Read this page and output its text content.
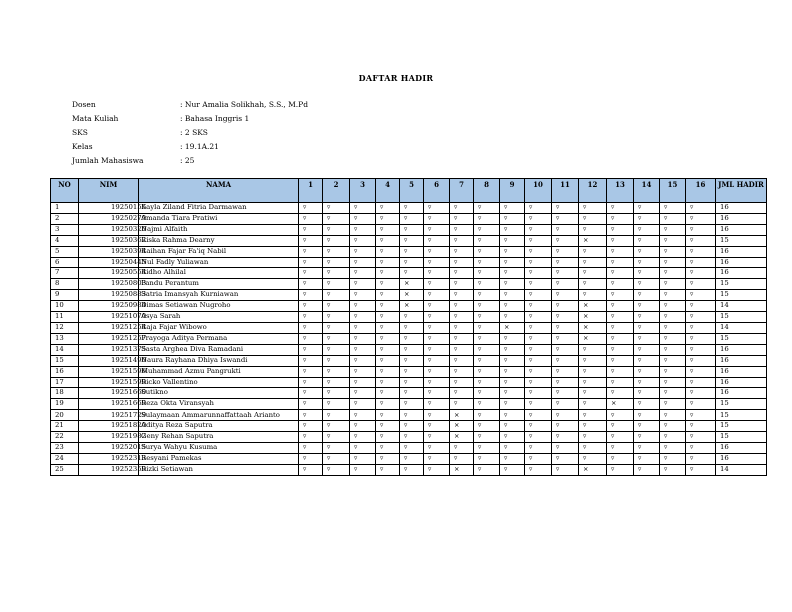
DAFTAR HADIR
Dosen	: Nur Amalia Solikhah, S.S., M.Pd
Mata Kuliah	: Bahasa Inggris 1
SKS	: 2 SKS
Kelas	: 19.1A.21
Jumlah Mahasiswa	: 25
NO	NIM	NAMA	1	2	3	4	5	6	7	8	9	10	11	12	13	14	15	16	JML HADIR
1	19250155	Kayla Ziland Fitria Darmawan	▿	▿	▿	▿	▿	▿	▿	▿	▿	▿	▿	▿	▿	▿	▿	▿	16
2	19250279	Amanda Tiara Pratiwi	▿	▿	▿	▿	▿	▿	▿	▿	▿	▿	▿	▿	▿	▿	▿	▿	16
3	19250320	Najmi Alfaith	▿	▿	▿	▿	▿	▿	▿	▿	▿	▿	▿	▿	▿	▿	▿	▿	16
4	19250362	Riska Rahma Dearny	▿	▿	▿	▿	▿	▿	▿	▿	▿	▿	▿	×	▿	▿	▿	▿	15
5	19250394	Raihan Fajar Fa'iq Nabil	▿	▿	▿	▿	▿	▿	▿	▿	▿	▿	▿	▿	▿	▿	▿	▿	16
6	19250445	Nul Fadly Yuliawan	▿	▿	▿	▿	▿	▿	▿	▿	▿	▿	▿	▿	▿	▿	▿	▿	16
7	19250554	Ridho Alhilal	▿	▿	▿	▿	▿	▿	▿	▿	▿	▿	▿	▿	▿	▿	▿	▿	16
8	19250803	Pandu Perantum	▿	▿	▿	▿	×	▿	▿	▿	▿	▿	▿	▿	▿	▿	▿	▿	15
9	19250883	Satria Imansyah Kurniawan	▿	▿	▿	▿	×	▿	▿	▿	▿	▿	▿	▿	▿	▿	▿	▿	15
10	19250984	Dimas Setiawan Nugroho	▿	▿	▿	▿	×	▿	▿	▿	▿	▿	▿	×	▿	▿	▿	▿	14
11	19251070	Asya Sarah	▿	▿	▿	▿	▿	▿	▿	▿	▿	▿	▿	×	▿	▿	▿	▿	15
12	19251254	Raja Fajar Wibowo	▿	▿	▿	▿	▿	▿	▿	▿	×	▿	▿	×	▿	▿	▿	▿	14
13	19251257	Prayoga Aditya Permana	▿	▿	▿	▿	▿	▿	▿	▿	▿	▿	▿	×	▿	▿	▿	▿	15
14	19251375	Sasta Arghea Diva Ramadani	▿	▿	▿	▿	▿	▿	▿	▿	▿	▿	▿	▿	▿	▿	▿	▿	16
15	19251490	Naura Rayhana Dhiya Iswandi	▿	▿	▿	▿	▿	▿	▿	▿	▿	▿	▿	▿	▿	▿	▿	▿	16
16	19251596	Muhammad Azmu Pangrukti	▿	▿	▿	▿	▿	▿	▿	▿	▿	▿	▿	▿	▿	▿	▿	▿	16
17	19251599	Ricko Vallentino	▿	▿	▿	▿	▿	▿	▿	▿	▿	▿	▿	▿	▿	▿	▿	▿	16
18	19251660	Sutikno	▿	▿	▿	▿	▿	▿	▿	▿	▿	▿	▿	▿	▿	▿	▿	▿	16
19	19251669	Reza Okta Viransyah	▿	▿	▿	▿	▿	▿	▿	▿	▿	▿	▿	▿	×	▿	▿	▿	15
20	19251729	Sulaymaan Ammarunnaffattaah Arianto	▿	▿	▿	▿	▿	▿	×	▿	▿	▿	▿	▿	▿	▿	▿	▿	15
21	19251820	Aditya Reza Saputra	▿	▿	▿	▿	▿	▿	×	▿	▿	▿	▿	▿	▿	▿	▿	▿	15
22	19251982	Geny Rehan Saputra	▿	▿	▿	▿	▿	▿	×	▿	▿	▿	▿	▿	▿	▿	▿	▿	15
23	19252015	Surya Wahyu Kusuma	▿	▿	▿	▿	▿	▿	▿	▿	▿	▿	▿	▿	▿	▿	▿	▿	16
24	19252313	Resyani Pamekas	▿	▿	▿	▿	▿	▿	▿	▿	▿	▿	▿	▿	▿	▿	▿	▿	16
25	19252359	Rizki Setiawan	▿	▿	▿	▿	▿	▿	×	▿	▿	▿	▿	×	▿	▿	▿	▿	14
